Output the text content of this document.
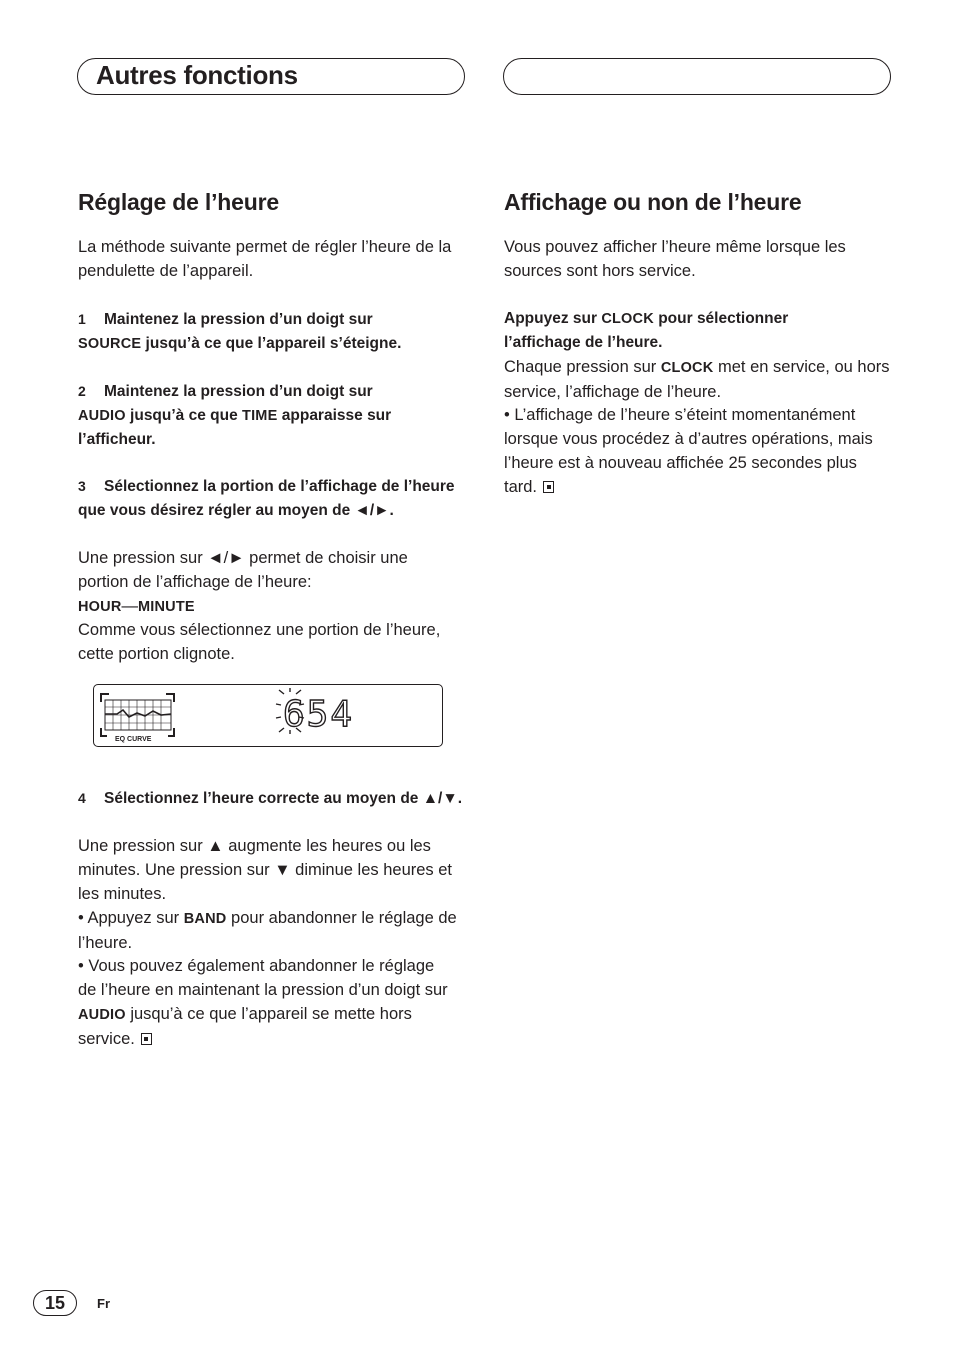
Autres fonctions
Réglage de l’heure

La méthode suivante permet de régler l’heure de la pendulette de l’appareil.

1 Maintenez la pression d’un doigt sur
SOURCE jusqu’à ce que l’appareil s’éteigne.

2 Maintenez la pression d’un doigt sur
AUDIO jusqu’à ce que TIME apparaisse sur l’afficheur.

3 Sélectionnez la portion de l’affichage de l’heure que vous désirez régler au moyen de ◄/►.

Une pression sur ◄/► permet de choisir une portion de l’affichage de l’heure:

HOUR—MINUTE

Comme vous sélectionnez une portion de l’heure, cette portion clignote.

EQ CURVE
654

4 Sélectionnez l’heure correcte au moyen de ▲/▼.

Une pression sur ▲ augmente les heures ou les minutes. Une pression sur ▼ diminue les heures et les minutes.

• Appuyez sur BAND pour abandonner le réglage de l’heure.

• Vous pouvez également abandonner le réglage de l’heure en maintenant la pression d’un doigt sur AUDIO jusqu’à ce que l’appareil se mette hors service.

Affichage ou non de l’heure

Vous pouvez afficher l’heure même lorsque les sources sont hors service.

Appuyez sur CLOCK pour sélectionner l’affichage de l’heure.

Chaque pression sur CLOCK met en service, ou hors service, l’affichage de l’heure.

• L’affichage de l’heure s’éteint momentanément lorsque vous procédez à d’autres opérations, mais l’heure est à nouveau affichée 25 secondes plus tard.

15	Fr
